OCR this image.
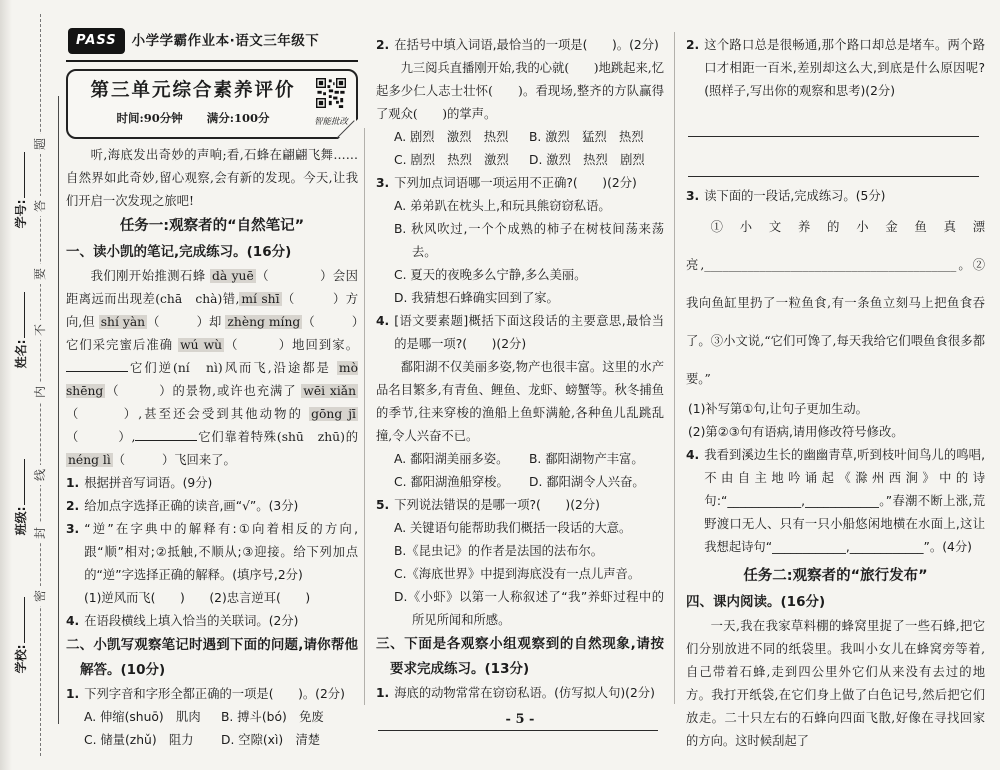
学号:
姓名:
班级:
学校:
题
答
要
不
内
线
封
密
PASS	小学学霸作业本·语文三年级下
第三单元综合素养评价
时间:90分钟 满分:100分	智能批改

听,海底发出奇妙的声响;看,石蜂在翩翩飞舞……自然界如此奇妙,留心观察,会有新的发现。今天,让我们开启一次发现之旅吧!

任务一:观察者的“自然笔记”
一、读小凯的笔记,完成练习。(16分)

我们刚开始推测石蜂 dà yuē （　　　　）会因距离远而出现差(chā　chà)错, mí shī （　　　）方向,但 shí yàn （　　　）却 zhèng míng （　　　）它们采完蜜后准确 wú wù （　　　）地回到家。它们逆(ní　nì)风而飞,沿途都是 mò shēng （　　　）的景物,或许也充满了 wēi xiǎn（　　　）,甚至还会受到其他动物的 gōng jī（　　　）,	它们靠着特殊(shū　zhū)的 néng lì （　　　）飞回来了。

1. 根据拼音写词语。(9分)
2. 给加点字选择正确的读音,画“√”。(3分)
3. “逆”在字典中的解释有:①向着相反的方向,跟“顺”相对;②抵触,不顺从;③迎接。给下列加点的“逆”字选择正确的解释。(填序号,2分)
(1)逆风而飞(　　)　　(2)忠言逆耳(　　)
4. 在语段横线上填入恰当的关联词。(2分)
二、小凯写观察笔记时遇到下面的问题,请你帮他解答。(10分)
1. 下列字音和字形全都正确的一项是(　　)。(2分)
A. 伸缩(shuō)　肌肉	B. 搏斗(bó)　免废
C. 储量(zhǔ)　阻力	D. 空隙(xì)　清楚
2. 在括号中填入词语,最恰当的一项是(　　)。(2分)

九三阅兵直播刚开始,我的心就(　　)地跳起来,忆起多少仁人志士壮怀(　　)。看现场,整齐的方队赢得了观众(　　)的掌声。

A. 剧烈　激烈　热烈	B. 激烈　猛烈　热烈
C. 剧烈　热烈　激烈	D. 激烈　热烈　剧烈
3. 下列加点词语哪一项运用不正确?(　　)(2分)
A. 弟弟趴在枕头上,和玩具熊窃窃私语。
B. 秋风吹过,一个个成熟的柿子在树枝间荡来荡去。
C. 夏天的夜晚多么宁静,多么美丽。
D. 我猜想石蜂确实回到了家。
4. [语文要素题]概括下面这段话的主要意思,最恰当的是哪一项?(　　)(2分)

鄱阳湖不仅美丽多姿,物产也很丰富。这里的水产品名目繁多,有青鱼、鲤鱼、龙虾、螃蟹等。秋冬捕鱼的季节,往来穿梭的渔船上鱼虾满舱,各种鱼儿乱跳乱撞,令人兴奋不已。

A. 鄱阳湖美丽多姿。	B. 鄱阳湖物产丰富。
C. 鄱阳湖渔船穿梭。	D. 鄱阳湖令人兴奋。
5. 下列说法错误的是哪一项?(　　)(2分)
A. 关键语句能帮助我们概括一段话的大意。
B.《昆虫记》的作者是法国的法布尔。
C.《海底世界》中提到海底没有一点儿声音。
D.《小虾》以第一人称叙述了“我”养虾过程中的所见所闻和所感。
三、下面是各观察小组观察到的自然现象,请按要求完成练习。(13分)
1. 海底的动物常常在窃窃私语。(仿写拟人句)(2分)
2. 这个路口总是很畅通,那个路口却总是堵车。两个路口才相距一百米,差别却这么大,到底是什么原因呢?(照样子,写出你的观察和思考)(2分)
3. 读下面的一段话,完成练习。(5分)

①小文养的小金鱼真漂亮,_________________________________________。②我向鱼缸里扔了一粒鱼食,有一条鱼立刻马上把鱼食吞了。③小文说,“它们可馋了,每天我给它们喂鱼食很多都要。”

(1)补写第①句,让句子更加生动。
(2)第②③句有语病,请用修改符号修改。
4. 我看到溪边生长的幽幽青草,听到枝叶间鸟儿的鸣唱,不由自主地吟诵起《滁州西涧》中的诗句:“____________,____________。”春潮不断上涨,荒野渡口无人、只有一只小船悠闲地横在水面上,这让我想起诗句“____________,____________”。(4分)
任务二:观察者的“旅行发布”
四、课内阅读。(16分)

一天,我在我家草料棚的蜂窝里捉了一些石蜂,把它们分别放进不同的纸袋里。我叫小女儿在蜂窝旁等着,自己带着石蜂,走到四公里外它们从来没有去过的地方。我打开纸袋,在它们身上做了白色记号,然后把它们放走。二十只左右的石蜂向四面飞散,好像在寻找回家的方向。这时候刮起了

- 5 -
